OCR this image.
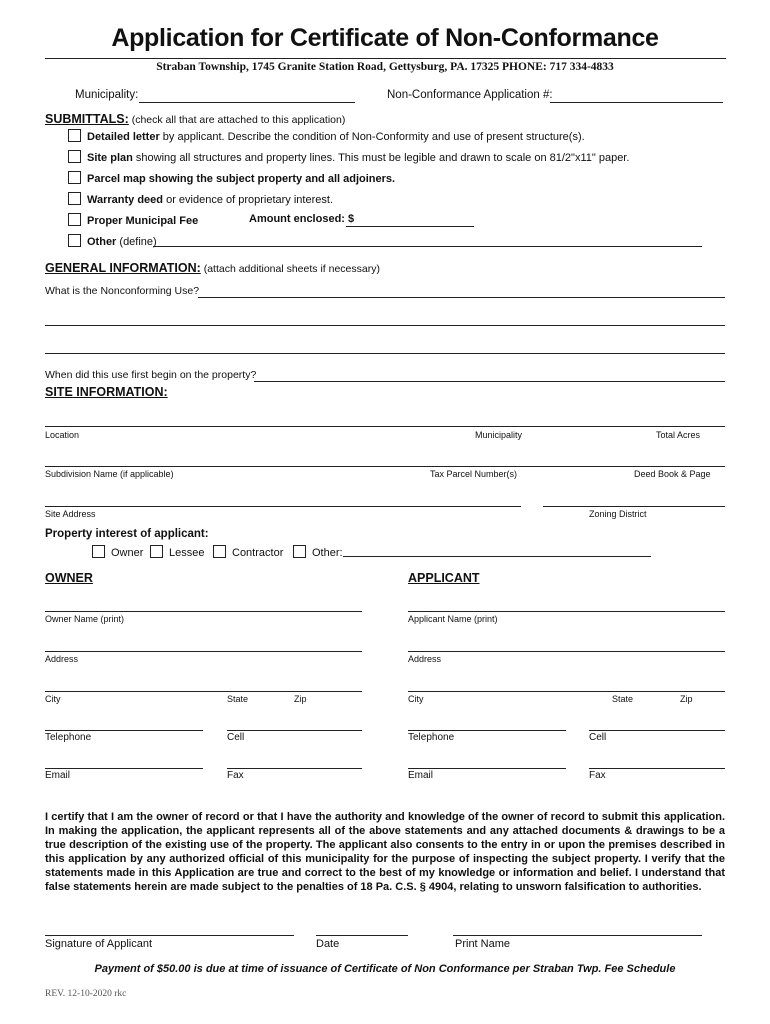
Application for Certificate of Non-Conformance
Straban Township, 1745 Granite Station Road, Gettysburg, PA. 17325 PHONE: 717 334-4833
Municipality:	Non-Conformance Application #:
SUBMITTALS: (check all that are attached to this application)
Detailed letter by applicant. Describe the condition of Non-Conformity and use of present structure(s).
Site plan showing all structures and property lines. This must be legible and drawn to scale on 81/2"x11" paper.
Parcel map showing the subject property and all adjoiners.
Warranty deed or evidence of proprietary interest.
Proper Municipal Fee	Amount enclosed: $
Other (define)
GENERAL INFORMATION: (attach additional sheets if necessary)
What is the Nonconforming Use?
When did this use first begin on the property?
SITE INFORMATION:
Location	Municipality	Total Acres
Subdivision Name (if applicable)	Tax Parcel Number(s)	Deed Book & Page
Site Address	Zoning District
Property interest of applicant:
Owner	Lessee	Contractor	Other:
OWNER	APPLICANT
Owner Name (print)
Address
City	State	Zip
Telephone	Cell
Email	Fax
Applicant Name (print)
Address
City	State	Zip
Telephone	Cell
Email	Fax
I certify that I am the owner of record or that I have the authority and knowledge of the owner of record to submit this application. In making the application, the applicant represents all of the above statements and any attached documents & drawings to be a true description of the existing use of the property. The applicant also consents to the entry in or upon the premises described in this application by any authorized official of this municipality for the purpose of inspecting the subject property. I verify that the statements made in this Application are true and correct to the best of my knowledge or information and belief. I understand that false statements herein are made subject to the penalties of 18 Pa. C.S. § 4904, relating to unsworn falsification to authorities.
Signature of Applicant	Date	Print Name
Payment of $50.00 is due at time of issuance of Certificate of Non Conformance per Straban Twp. Fee Schedule
REV. 12-10-2020 rkc
